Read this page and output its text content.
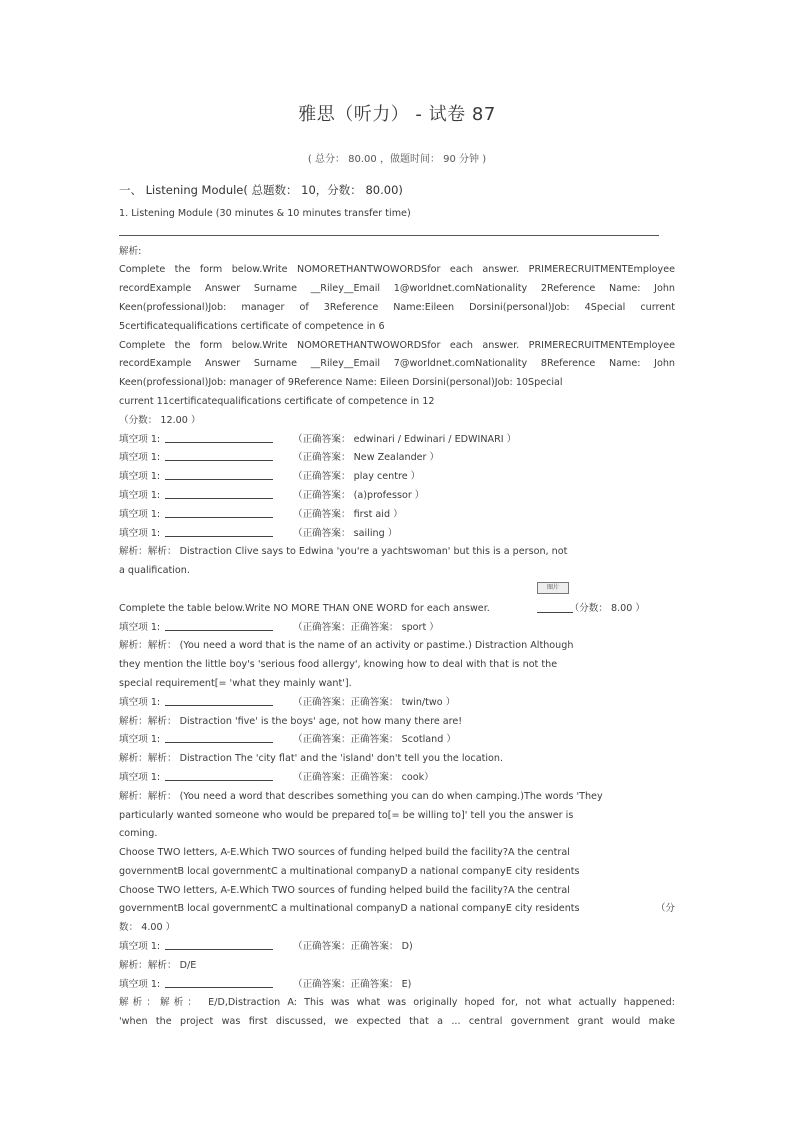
雅思（听力） - 试卷 87
( 总分： 80.00 ，做题时间： 90 分钟 )
一、 Listening Module( 总题数： 10，分数： 80.00)
1. Listening Module (30 minutes & 10 minutes transfer time)
解析:
Complete the form below.Write NOMORETHANTWOWORDSfor each answer. PRIMERECRUITMENTEmployee
recordExample Answer Surname __Riley__Email 1@worldnet.comNationality 2Reference Name: John
Keen(professional)Job: manager of 3Reference Name:Eileen Dorsini(personal)Job: 4Special current
5certificatequalifications certificate of competence in 6
Complete the form below.Write NOMORETHANTWOWORDSfor each answer. PRIMERECRUITMENTEmployee
recordExample Answer Surname __Riley__Email 7@worldnet.comNationality 8Reference Name: John
Keen(professional)Job: manager of 9Reference Name: Eileen Dorsini(personal)Job: 10Special
current 11certificatequalifications certificate of competence in 12
（分数： 12.00 ）
填空项 1:	（正确答案： edwinari / Edwinari / EDWINARI ）
填空项 1:	（正确答案： New Zealander ）
填空项 1:	（正确答案： play centre ）
填空项 1:	（正确答案： (a)professor ）
填空项 1:	（正确答案： first aid ）
填空项 1:	（正确答案： sailing ）
解析：解析： Distraction Clive says to Edwina 'you're a yachtswoman' but this is a person, not
a qualification.
Complete the table below.Write NO MORE THAN ONE WORD for each answer.
图片
（分数： 8.00 ）
填空项 1:	（正确答案：正确答案： sport ）
解析：解析： (You need a word that is the name of an activity or pastime.) Distraction Although
they mention the little boy's 'serious food allergy', knowing how to deal with that is not the
special requirement[= 'what they mainly want'].
填空项 1:	（正确答案：正确答案： twin/two ）
解析：解析： Distraction 'five' is the boys' age, not how many there are!
填空项 1:	（正确答案：正确答案： Scotland ）
解析：解析： Distraction The 'city flat' and the 'island' don't tell you the location.
填空项 1:	（正确答案：正确答案： cook）
解析：解析： (You need a word that describes something you can do when camping.)The words 'They
particularly wanted someone who would be prepared to[= be willing to]' tell you the answer is
coming.
Choose TWO letters, A-E.Which TWO sources of funding helped build the facility?A the central
governmentB local governmentC a multinational companyD a national companyE city residents
Choose TWO letters, A-E.Which TWO sources of funding helped build the facility?A the central
governmentB local governmentC a multinational companyD a national companyE city residents	（分
数： 4.00 ）
填空项 1:	（正确答案：正确答案： D)
解析：解析： D/E
填空项 1:	（正确答案：正确答案： E)
解析：解析： E/D,Distraction A: This was what was originally hoped for, not what actually happened:
'when the project was first discussed, we expected that a ... central government grant would make
